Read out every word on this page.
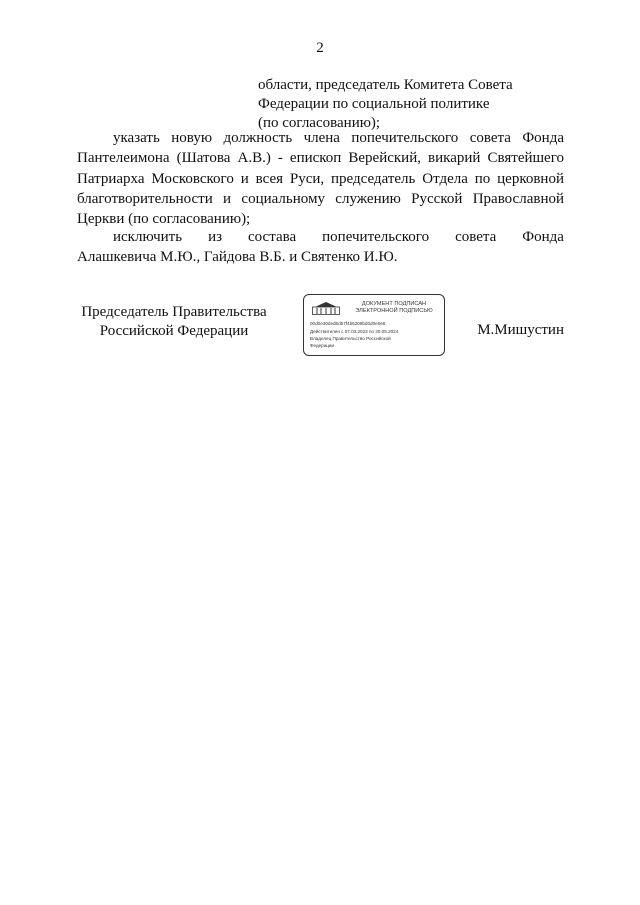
2
области, председатель Комитета Совета
Федерации по социальной политике
(по согласованию);
указать новую должность члена попечительского совета Фонда Пантелеимона (Шатова А.В.) - епископ Верейский, викарий Святейшего Патриарха Московского и всея Руси, председатель Отдела по церковной благотворительности и социальному служению Русской Православной Церкви (по согласованию);
исключить из состава попечительского совета Фонда
Алашкевича М.Ю., Гайдова В.Б. и Святенко И.Ю.
Председатель Правительства
Российской Федерации
ДОКУМЕНТ ПОДПИСАН
ЭЛЕКТРОННОЙ ПОДПИСЬЮ
00d0e30ded6d57f4b6208bd0d0e0e6
Действителен с 07.03.2023 по 30.05.2024
Владелец Правительство Российской
Федерации
М.Мишустин
